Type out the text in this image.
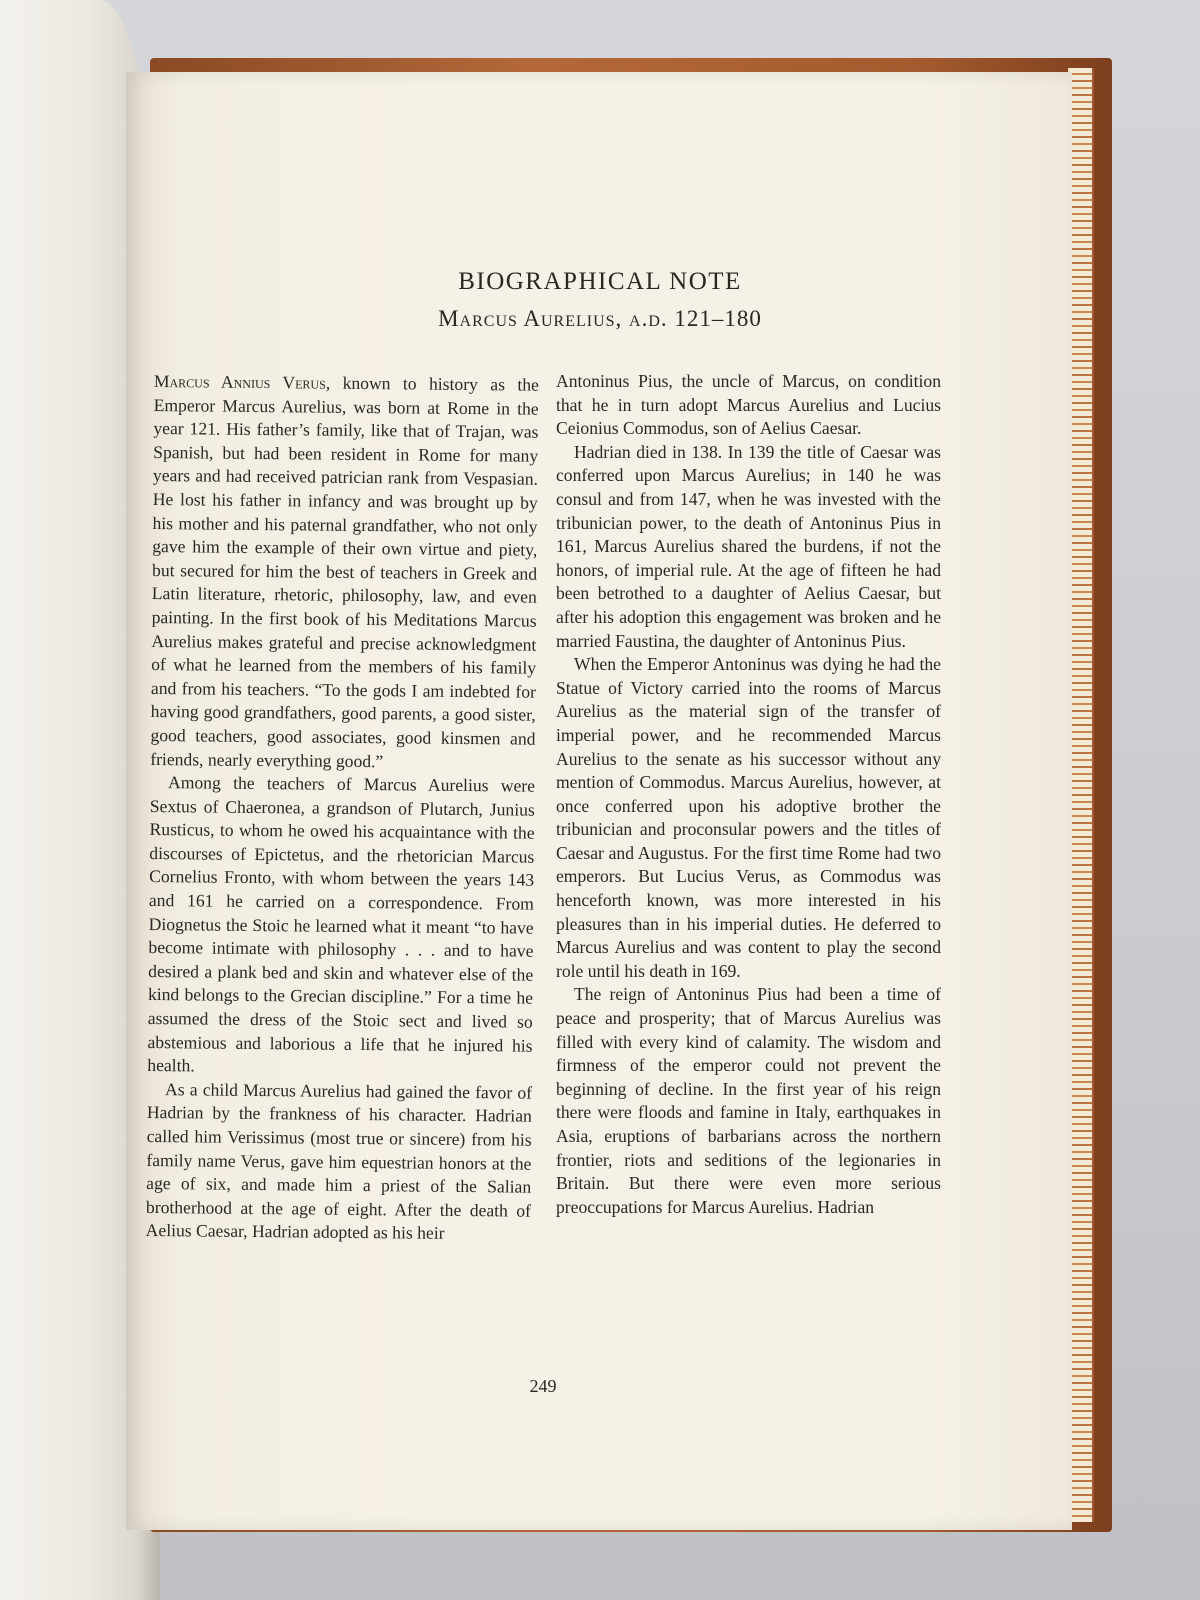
BIOGRAPHICAL NOTE
Marcus Aurelius, a.d. 121–180

Marcus Annius Verus, known to history as the Emperor Marcus Aurelius, was born at Rome in the year 121. His father’s family, like that of Trajan, was Spanish, but had been resident in Rome for many years and had received patrician rank from Vespasian. He lost his father in infancy and was brought up by his mother and his paternal grandfather, who not only gave him the example of their own virtue and piety, but secured for him the best of teachers in Greek and Latin literature, rhetoric, philosophy, law, and even painting. In the first book of his Meditations Marcus Aurelius makes grateful and precise acknowledgment of what he learned from the members of his family and from his teachers. “To the gods I am indebted for having good grandfathers, good parents, a good sister, good teachers, good associates, good kinsmen and friends, nearly everything good.”

Among the teachers of Marcus Aurelius were Sextus of Chaeronea, a grandson of Plutarch, Junius Rusticus, to whom he owed his acquaintance with the discourses of Epictetus, and the rhetorician Marcus Cornelius Fronto, with whom between the years 143 and 161 he carried on a correspondence. From Diognetus the Stoic he learned what it meant “to have become intimate with philosophy . . . and to have desired a plank bed and skin and whatever else of the kind belongs to the Grecian discipline.” For a time he assumed the dress of the Stoic sect and lived so abstemious and laborious a life that he injured his health.

As a child Marcus Aurelius had gained the favor of Hadrian by the frankness of his character. Hadrian called him Verissimus (most true or sincere) from his family name Verus, gave him equestrian honors at the age of six, and made him a priest of the Salian brotherhood at the age of eight. After the death of Aelius Caesar, Hadrian adopted as his heir

Antoninus Pius, the uncle of Marcus, on condition that he in turn adopt Marcus Aurelius and Lucius Ceionius Commodus, son of Aelius Caesar.

Hadrian died in 138. In 139 the title of Caesar was conferred upon Marcus Aurelius; in 140 he was consul and from 147, when he was invested with the tribunician power, to the death of Antoninus Pius in 161, Marcus Aurelius shared the burdens, if not the honors, of imperial rule. At the age of fifteen he had been betrothed to a daughter of Aelius Caesar, but after his adoption this engagement was broken and he married Faustina, the daughter of Antoninus Pius.

When the Emperor Antoninus was dying he had the Statue of Victory carried into the rooms of Marcus Aurelius as the material sign of the transfer of imperial power, and he recommended Marcus Aurelius to the senate as his successor without any mention of Commodus. Marcus Aurelius, however, at once conferred upon his adoptive brother the tribunician and proconsular powers and the titles of Caesar and Augustus. For the first time Rome had two emperors. But Lucius Verus, as Commodus was henceforth known, was more interested in his pleasures than in his imperial duties. He deferred to Marcus Aurelius and was content to play the second role until his death in 169.

The reign of Antoninus Pius had been a time of peace and prosperity; that of Marcus Aurelius was filled with every kind of calamity. The wisdom and firmness of the emperor could not prevent the beginning of decline. In the first year of his reign there were floods and famine in Italy, earthquakes in Asia, eruptions of barbarians across the northern frontier, riots and seditions of the legionaries in Britain. But there were even more serious preoccupations for Marcus Aurelius. Hadrian

249
